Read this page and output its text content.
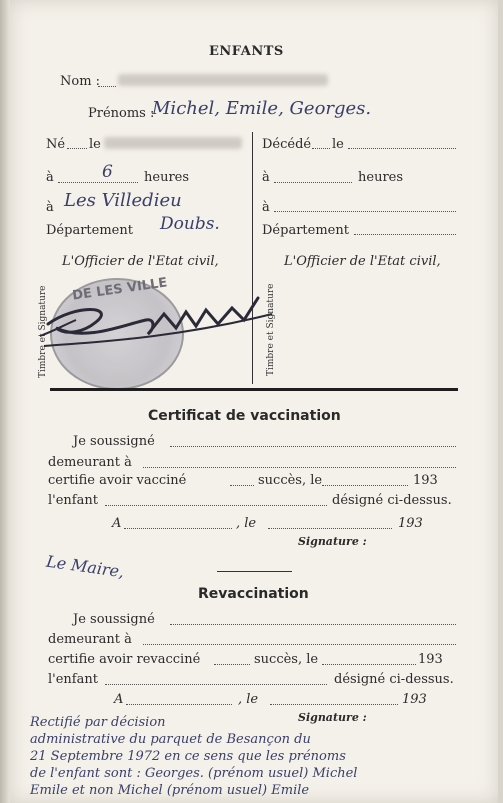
ENFANTS
Nom :
Prénoms :
Michel, Emile, Georges.
Né le
à	6 heures
à Les Villedieu
Département Doubs.
L'Officier de l'Etat civil,
Timbre et Signature DE LES VILLE
Décédé le
à	heures
à
Département
L'Officier de l'Etat civil,
Timbre et Signature
Certificat de vaccination
Je soussigné
demeurant à
certifie avoir vacciné	succès, le	193
l'enfant	désigné ci-dessus.
A	, le	193
Signature :
Le Maire,
Revaccination
Je soussigné
demeurant à
certifie avoir revacciné	succès, le	193
l'enfant	désigné ci-dessus.
A	, le	193
Signature :
Rectifié par décision
administrative du parquet de Besançon du
21 Septembre 1972 en ce sens que les prénoms
de l'enfant sont : Georges. (prénom usuel) Michel
Emile et non Michel (prénom usuel) Emile
